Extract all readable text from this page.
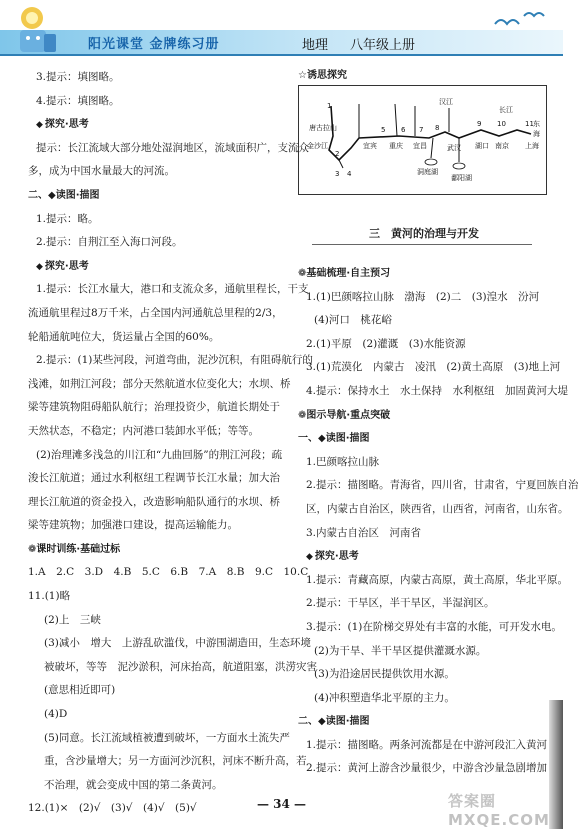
阳光课堂 金牌练习册	地理 八年级上册
3.提示：填图略。
4.提示：填图略。
◆ 探究·思考
提示：长江流域大部分地处湿润地区，流域面积广，支流众
多，成为中国水量最大的河流。
二、◆读图·描图
1.提示：略。
2.提示：自荆江至入海口河段。
◆ 探究·思考
1.提示：长江水量大，港口和支流众多，通航里程长，干支
流通航里程过8万千米，占全国内河通航总里程的2/3，
轮船通航吨位大，货运量占全国的60%。
2.提示：(1)某些河段，河道弯曲，泥沙沉积，有阻碍航行的
浅滩，如荆江河段；部分天然航道水位变化大；水坝、桥
梁等建筑物阻碍船队航行；治理投资少，航道长期处于
天然状态，不稳定；内河港口装卸水平低；等等。
(2)治理滩多浅急的川江和“九曲回肠”的荆江河段；疏
浚长江航道；通过水利枢纽工程调节长江水量；加大治
理长江航道的资金投入，改造影响船队通行的水坝、桥
梁等建筑物；加强港口建设，提高运输能力。
❁课时训练·基础过标
1.A　2.C　3.D　4.B　5.C　6.B　7.A　8.B　9.C　10.C
11.(1)略
(2)上　三峡
(3)减小　增大　上游乱砍滥伐，中游围湖造田，生态环境
被破坏，等等　泥沙淤积，河床抬高，航道阻塞，洪涝灾害
(意思相近即可)
(4)D
(5)同意。长江流域植被遭到破坏，一方面水土流失严
重，含沙量增大；另一方面河沙沉积，河床不断升高，若
不治理，就会变成中国的第二条黄河。
12.(1)×　(2)√　(3)√　(4)√　(5)√
☆诱思探究
唐古拉山
1
2
3 4
5 6 7 8	9 10	11 东
海
上海
宜宾 重庆 宜昌	武汉 湖口 南京
金沙江
长江
洞庭湖
鄱阳湖
汉江
三　黄河的治理与开发
❁基础梳理·自主预习
1.(1)巴颜喀拉山脉　渤海　(2)二　(3)湟水　汾河
(4)河口　桃花峪
2.(1)平原　(2)灌溉　(3)水能资源
3.(1)荒漠化　内蒙古　凌汛　(2)黄土高原　(3)地上河
4.提示：保持水土　水土保持　水利枢纽　加固黄河大堤
❁图示导航·重点突破
一、◆读图·描图
1.巴颜喀拉山脉
2.提示：描图略。青海省，四川省，甘肃省，宁夏回族自治
区，内蒙古自治区，陕西省，山西省，河南省，山东省。
3.内蒙古自治区　河南省
◆ 探究·思考
1.提示：青藏高原，内蒙古高原，黄土高原，华北平原。
2.提示：干旱区，半干旱区，半湿润区。
3.提示：(1)在阶梯交界处有丰富的水能，可开发水电。
(2)为干旱、半干旱区提供灌溉水源。
(3)为沿途居民提供饮用水源。
(4)冲积塑造华北平原的主力。
二、◆读图·描图
1.提示：描图略。两条河流都是在中游河段汇入黄河
2.提示：黄河上游含沙量很少，中游含沙量急剧增加
— 34 —	答案圈 MXQE.COM
